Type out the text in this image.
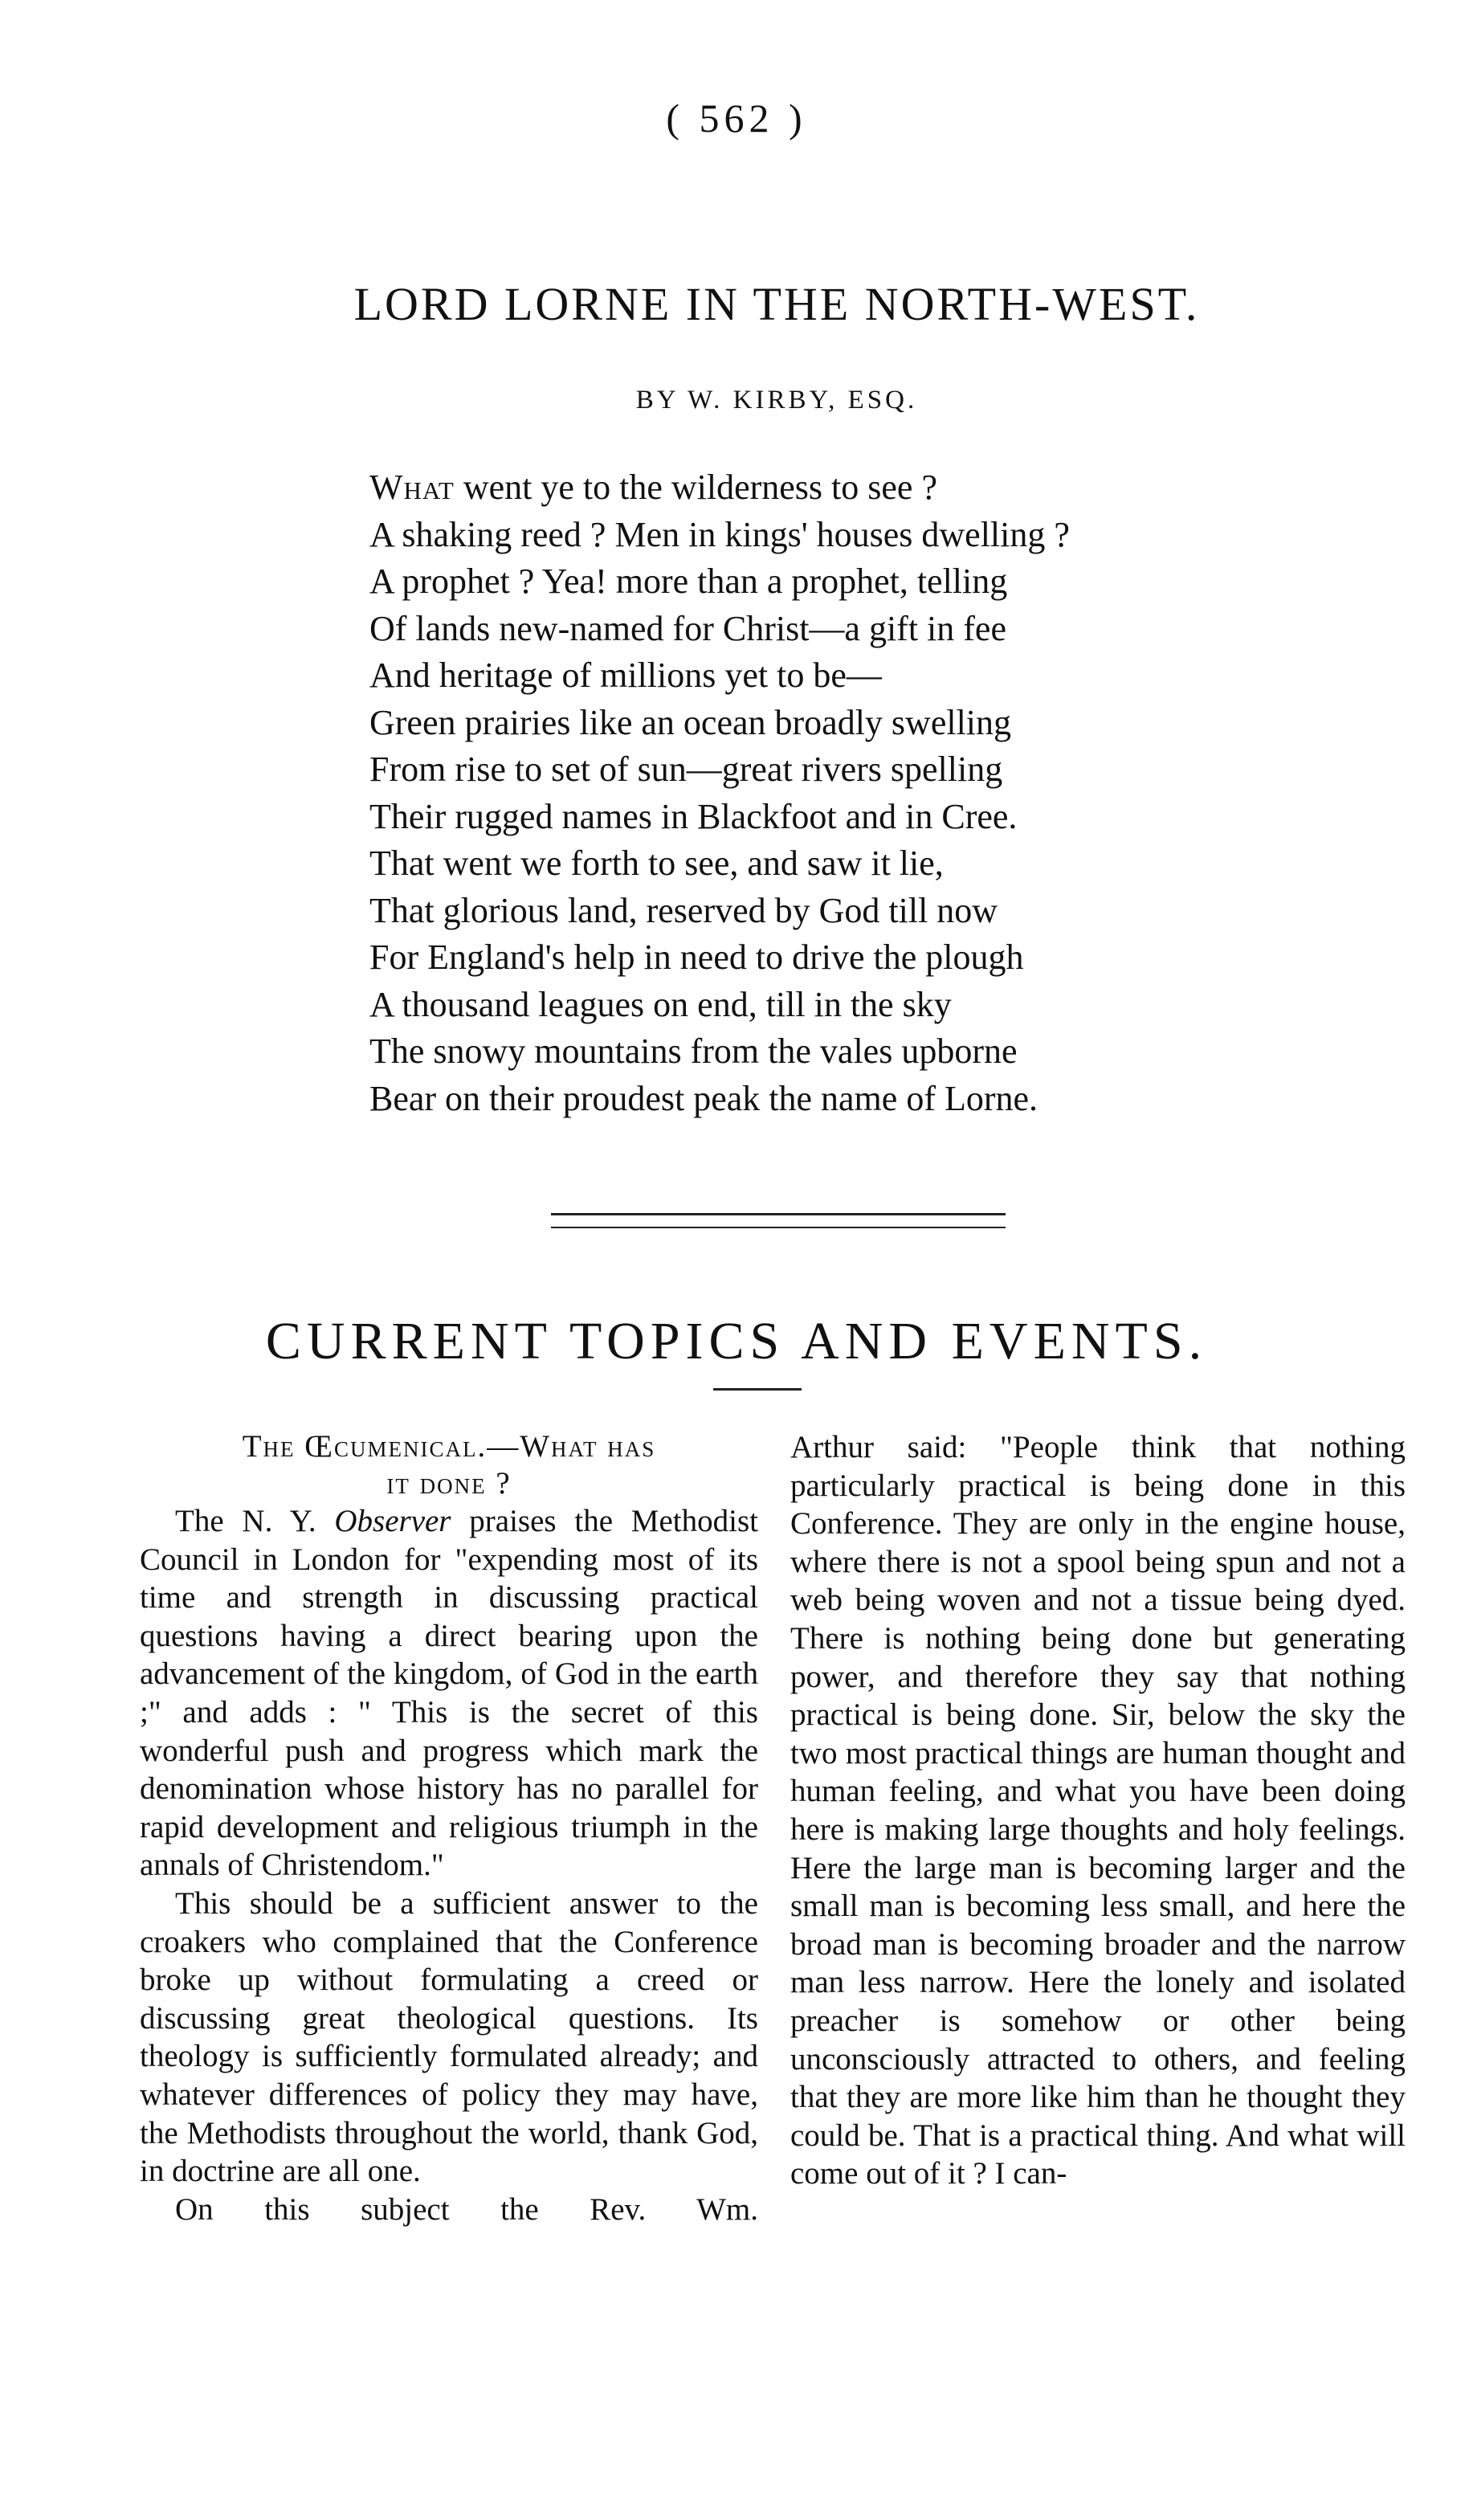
( 562 )
LORD LORNE IN THE NORTH-WEST.
BY W. KIRBY, ESQ.
What went ye to the wilderness to see ?
A shaking reed ? Men in kings' houses dwelling ?
A prophet ? Yea! more than a prophet, telling
Of lands new-named for Christ—a gift in fee
And heritage of millions yet to be—
Green prairies like an ocean broadly swelling
From rise to set of sun—great rivers spelling
Their rugged names in Blackfoot and in Cree.
That went we forth to see, and saw it lie,
That glorious land, reserved by God till now
For England's help in need to drive the plough
A thousand leagues on end, till in the sky
The snowy mountains from the vales upborne
Bear on their proudest peak the name of Lorne.
CURRENT TOPICS AND EVENTS.
The Œcumenical.—What has
it done ?

The N. Y. Observer praises the Methodist Council in London for "expending most of its time and strength in discussing practical questions having a direct bearing upon the advancement of the kingdom, of God in the earth ;" and adds : " This is the secret of this wonderful push and progress which mark the denomination whose history has no parallel for rapid development and religious triumph in the annals of Christendom."

This should be a sufficient answer to the croakers who complained that the Conference broke up without formulating a creed or discussing great theological questions. Its theology is sufficiently formulated already; and whatever differences of policy they may have, the Methodists throughout the world, thank God, in doctrine are all one.

On this subject the Rev. Wm.

Arthur said: "People think that nothing particularly practical is being done in this Conference. They are only in the engine house, where there is not a spool being spun and not a web being woven and not a tissue being dyed. There is nothing being done but generating power, and therefore they say that nothing practical is being done. Sir, below the sky the two most practical things are human thought and human feeling, and what you have been doing here is making large thoughts and holy feelings. Here the large man is becoming larger and the small man is becoming less small, and here the broad man is becoming broader and the narrow man less narrow. Here the lonely and isolated preacher is somehow or other being unconsciously attracted to others, and feeling that they are more like him than he thought they could be. That is a practical thing. And what will come out of it ? I can-
